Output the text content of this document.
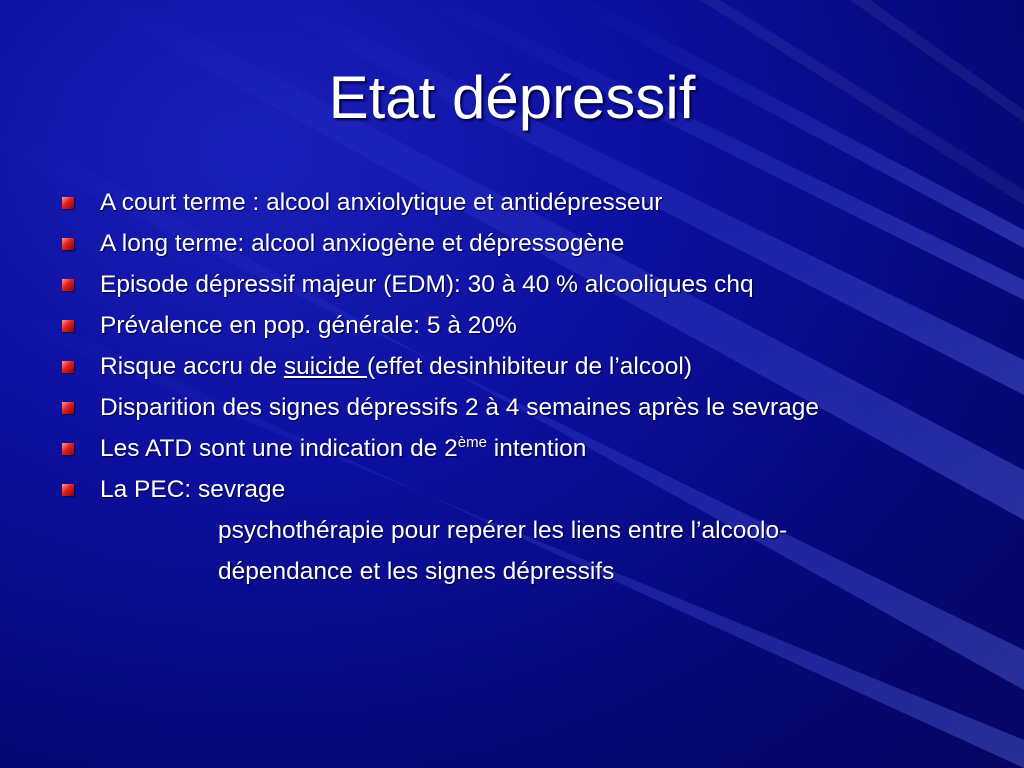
Etat dépressif
A court terme : alcool anxiolytique et antidépresseur
A long terme: alcool anxiogène et dépressogène
Episode dépressif majeur (EDM): 30 à 40 % alcooliques chq
Prévalence en pop. générale: 5 à 20%
Risque accru de suicide (effet desinhibiteur de l’alcool)
Disparition des signes dépressifs 2 à 4 semaines après le sevrage
Les ATD sont une indication de 2ème intention
La PEC: sevrage
psychothérapie pour repérer les liens entre l’alcoolo-
dépendance et les signes dépressifs
